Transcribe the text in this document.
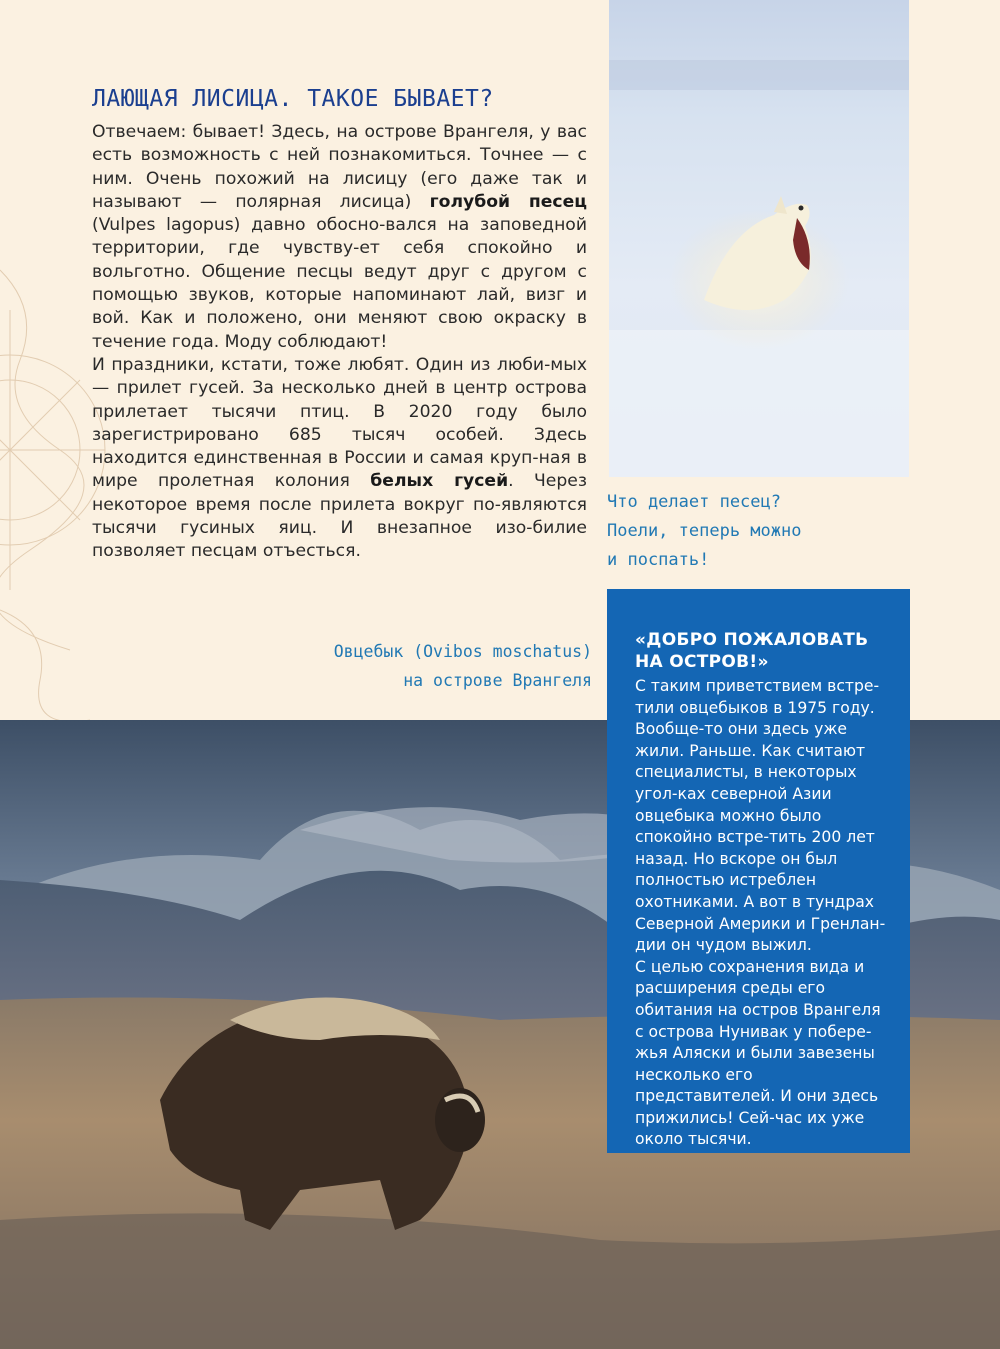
ЛАЮЩАЯ ЛИСИЦА. ТАКОЕ БЫВАЕТ?

Отвечаем: бывает! Здесь, на острове Врангеля, у вас есть возможность с ней познакомиться. Точнее — с ним. Очень похожий на лисицу (его даже так и называют — полярная лисица) голубой песец (Vulpes lagopus) давно обосно-вался на заповедной территории, где чувству-ет себя спокойно и вольготно. Общение песцы ведут друг с другом с помощью звуков, которые напоминают лай, визг и вой. Как и положено, они меняют свою окраску в течение года. Моду соблюдают!
И праздники, кстати, тоже любят. Один из люби-мых — прилет гусей. За несколько дней в центр острова прилетает тысячи птиц. В 2020 году было зарегистрировано 685 тысяч особей. Здесь находится единственная в России и самая круп-ная в мире пролетная колония белых гусей. Через некоторое время после прилета вокруг по-являются тысячи гусиных яиц. И внезапное изо-билие позволяет песцам отъесться.

Что делает песец?
Поели, теперь можно
и поспать!

Овцебык (Ovibos moschatus)
на острове Врангеля

«ДОБРО ПОЖАЛОВАТЬ
НА ОСТРОВ!»

С таким приветствием встре-тили овцебыков в 1975 году. Вообще-то они здесь уже жили. Раньше. Как считают специалисты, в некоторых угол-ках северной Азии овцебыка можно было спокойно встре-тить 200 лет назад. Но вскоре он был полностью истреблен охотниками. А вот в тундрах Северной Америки и Гренлан-дии он чудом выжил.

С целью сохранения вида и расширения среды его обитания на остров Врангеля с острова Нунивак у побере-жья Аляски и были завезены несколько его представителей. И они здесь прижились! Сей-час их уже около тысячи.
